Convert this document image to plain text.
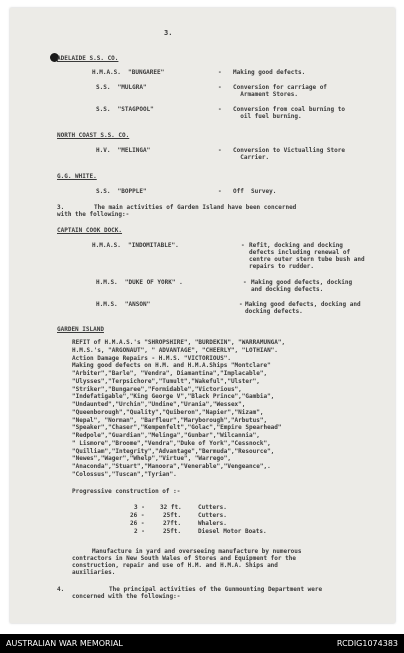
3.

ADELAIDE S.S. CO.

H.M.A.S.  "BUNGAREE"	- Making good defects.

S.S.  "MULGRA"	- Conversion for carriage of
Armament Stores.

S.S.  "STAGPOOL"	- Conversion from coal burning to
oil fuel burning.

NORTH COAST S.S. CO.

H.V.  "MELINGA"	- Conversion to Victualling Store
Carrier.

G.G. WHITE.

S.S.  "BOPPLE"	- Off  Survey.

3.	The main activities of Garden Island have been concerned
with the following:-

CAPTAIN COOK DOCK.

H.M.A.S.  "INDOMITABLE".	- Refit, docking and docking
defects including renewal of
centre outer stern tube bush and
repairs to rudder.

H.M.S.  "DUKE OF YORK" .	- Making good defects, docking
and docking defects.

H.M.S.  "ANSON"	- Making good defects, docking and
docking defects.

GARDEN ISLAND

REFIT of H.M.A.S.'s "SHROPSHIRE", "BURDEKIN", "WARRAMUNGA",
H.M.S.'s, "ARGONAUT", " ADVANTAGE", "CHEERLY", "LOTHIAN".
Action Damage Repairs - H.M.S. "VICTORIOUS".
Making good defects on H.M. and H.M.A.Ships "Montclare"
"Arbiter","Barle", "Vendra", Diamantina","Implacable",
"Ulysses","Terpsichore","Tumult","Wakeful","Ulster",
"Striker","Bungaree","Formidable","Victorious",
"Indefatigable","King George V","Black Prince","Gambia",
"Undaunted","Urchin","Undine","Urania","Wessex",
"Queenborough","Quality","Quiberon","Napier","Nizam",
"Nepal", "Norman", "Barfleur","Maryborough","Arbutus",
"Speaker","Chaser","Kempenfelt","Golac","Empire Spearhead"
"Redpole","Guardian","Melinga","Gunbar","Wilcannia",
" Lismore","Broome","Vendra","Duke of York","Cessnock",
"Quilliam","Integrity","Advantage","Bermuda","Resource",
"Newes","Wager","Whelp","Virtue", "Warrego",
"Anaconda","Stuart","Manoora","Venerable","Vengeance",.
"Colossus","Tuscan","Tyrian".

Progressive construction of :-

3 -	32 ft.	Cutters.

26 -	25ft.	Cutters.

26 -	27ft.	Whalers.

2 -	25ft.	Diesel Motor Boats.

Manufacture in yard and overseeing manufacture by numerous
contractors in New South Wales of Stores and Equipment for the
construction, repair and use of H.M. and H.M.A. Ships and
auxiliaries.

4.	The principal activities of the Gunmounting Department were
concerned with the following:-

AUSTRALIAN WAR MEMORIAL	RCDIG1074383
